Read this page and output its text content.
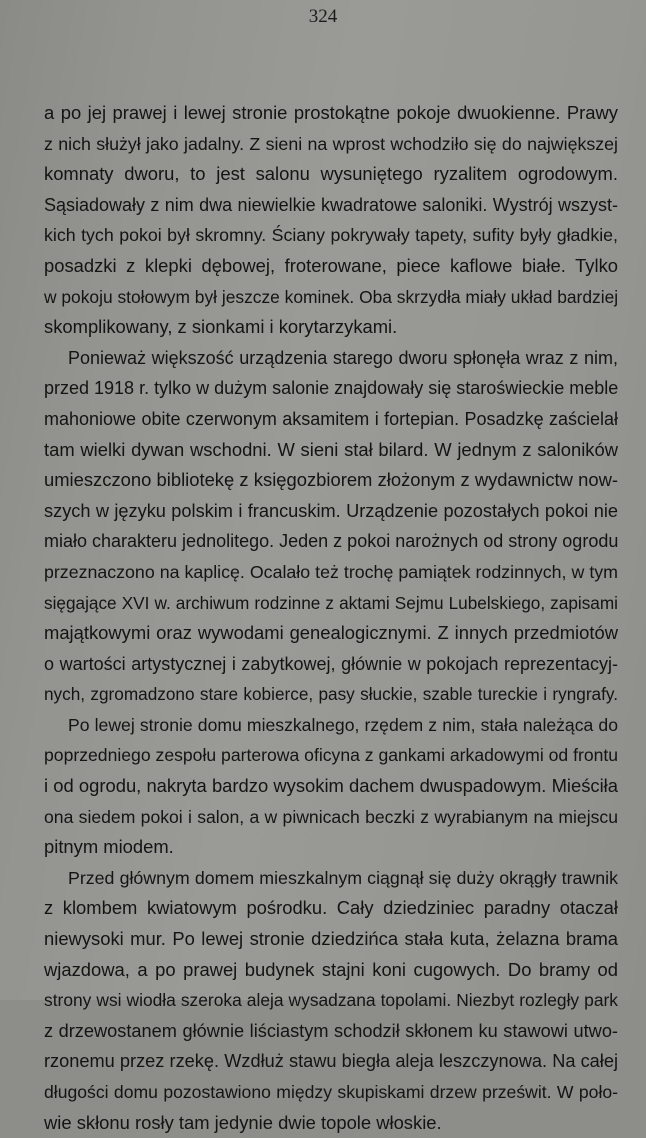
324

a po jej prawej i lewej stronie prostokątne pokoje dwuokienne. Prawy
z nich służył jako jadalny. Z sieni na wprost wchodziło się do największej
komnaty dworu, to jest salonu wysuniętego ryzalitem ogrodowym.
Sąsiadowały z nim dwa niewielkie kwadratowe saloniki. Wystrój wszyst-
kich tych pokoi był skromny. Ściany pokrywały tapety, sufity były gładkie,
posadzki z klepki dębowej, froterowane, piece kaflowe białe. Tylko
w pokoju stołowym był jeszcze kominek. Oba skrzydła miały układ bardziej
skomplikowany, z sionkami i korytarzykami.

Ponieważ większość urządzenia starego dworu spłonęła wraz z nim,
przed 1918 r. tylko w dużym salonie znajdowały się staroświeckie meble
mahoniowe obite czerwonym aksamitem i fortepian. Posadzkę zaścielał
tam wielki dywan wschodni. W sieni stał bilard. W jednym z saloników
umieszczono bibliotekę z księgozbiorem złożonym z wydawnictw now-
szych w języku polskim i francuskim. Urządzenie pozostałych pokoi nie
miało charakteru jednolitego. Jeden z pokoi narożnych od strony ogrodu
przeznaczono na kaplicę. Ocalało też trochę pamiątek rodzinnych, w tym
sięgające XVI w. archiwum rodzinne z aktami Sejmu Lubelskiego, zapisami
majątkowymi oraz wywodami genealogicznymi. Z innych przedmiotów
o wartości artystycznej i zabytkowej, głównie w pokojach reprezentacyj-
nych, zgromadzono stare kobierce, pasy słuckie, szable tureckie i ryngrafy.

Po lewej stronie domu mieszkalnego, rzędem z nim, stała należąca do
poprzedniego zespołu parterowa oficyna z gankami arkadowymi od frontu
i od ogrodu, nakryta bardzo wysokim dachem dwuspadowym. Mieściła
ona siedem pokoi i salon, a w piwnicach beczki z wyrabianym na miejscu
pitnym miodem.

Przed głównym domem mieszkalnym ciągnął się duży okrągły trawnik
z klombem kwiatowym pośrodku. Cały dziedziniec paradny otaczał
niewysoki mur. Po lewej stronie dziedzińca stała kuta, żelazna brama
wjazdowa, a po prawej budynek stajni koni cugowych. Do bramy od
strony wsi wiodła szeroka aleja wysadzana topolami. Niezbyt rozległy park
z drzewostanem głównie liściastym schodził skłonem ku stawowi utwo-
rzonemu przez rzekę. Wzdłuż stawu biegła aleja leszczynowa. Na całej
długości domu pozostawiono między skupiskami drzew prześwit. W poło-
wie skłonu rosły tam jedynie dwie topole włoskie.
